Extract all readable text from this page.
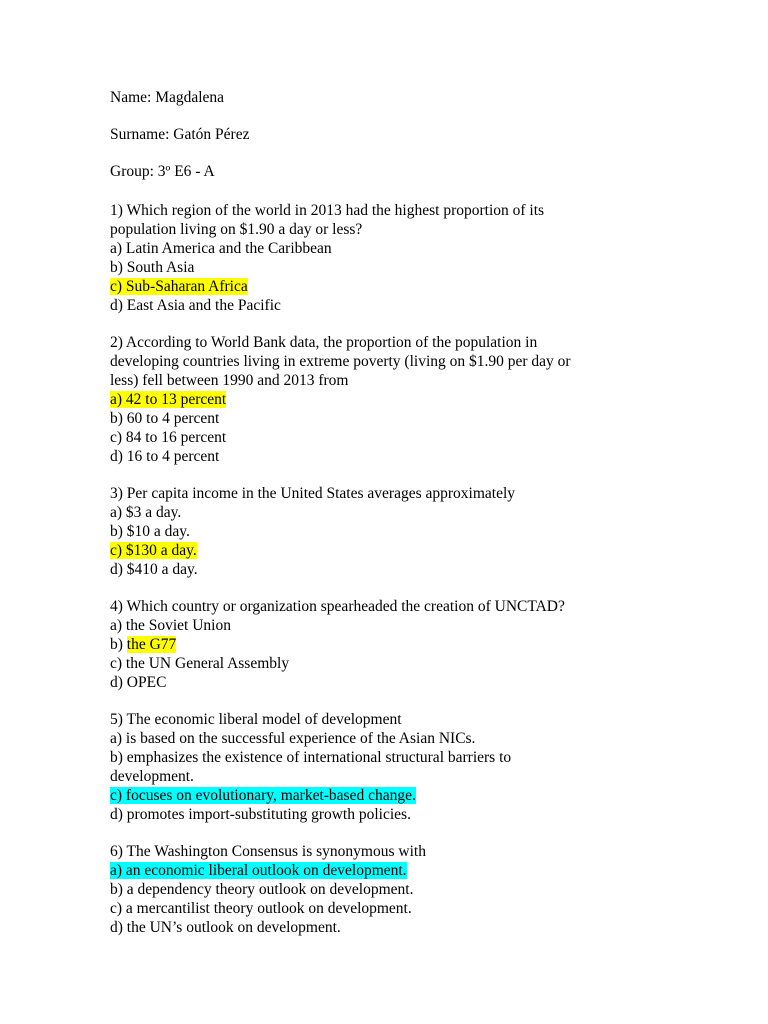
Name: Magdalena
Surname: Gatón Pérez
Group: 3º E6 - A
1) Which region of the world in 2013 had the highest proportion of its
population living on $1.90 a day or less?
a) Latin America and the Caribbean
b) South Asia
c) Sub-Saharan Africa
d) East Asia and the Pacific
2) According to World Bank data, the proportion of the population in
developing countries living in extreme poverty (living on $1.90 per day or
less) fell between 1990 and 2013 from
a) 42 to 13 percent
b) 60 to 4 percent
c) 84 to 16 percent
d) 16 to 4 percent
3) Per capita income in the United States averages approximately
a) $3 a day.
b) $10 a day.
c) $130 a day.
d) $410 a day.
4) Which country or organization spearheaded the creation of UNCTAD?
a) the Soviet Union
b) the G77
c) the UN General Assembly
d) OPEC
5) The economic liberal model of development
a) is based on the successful experience of the Asian NICs.
b) emphasizes the existence of international structural barriers to
development.
c) focuses on evolutionary, market-based change.
d) promotes import-substituting growth policies.
6) The Washington Consensus is synonymous with
a) an economic liberal outlook on development.
b) a dependency theory outlook on development.
c) a mercantilist theory outlook on development.
d) the UN’s outlook on development.
